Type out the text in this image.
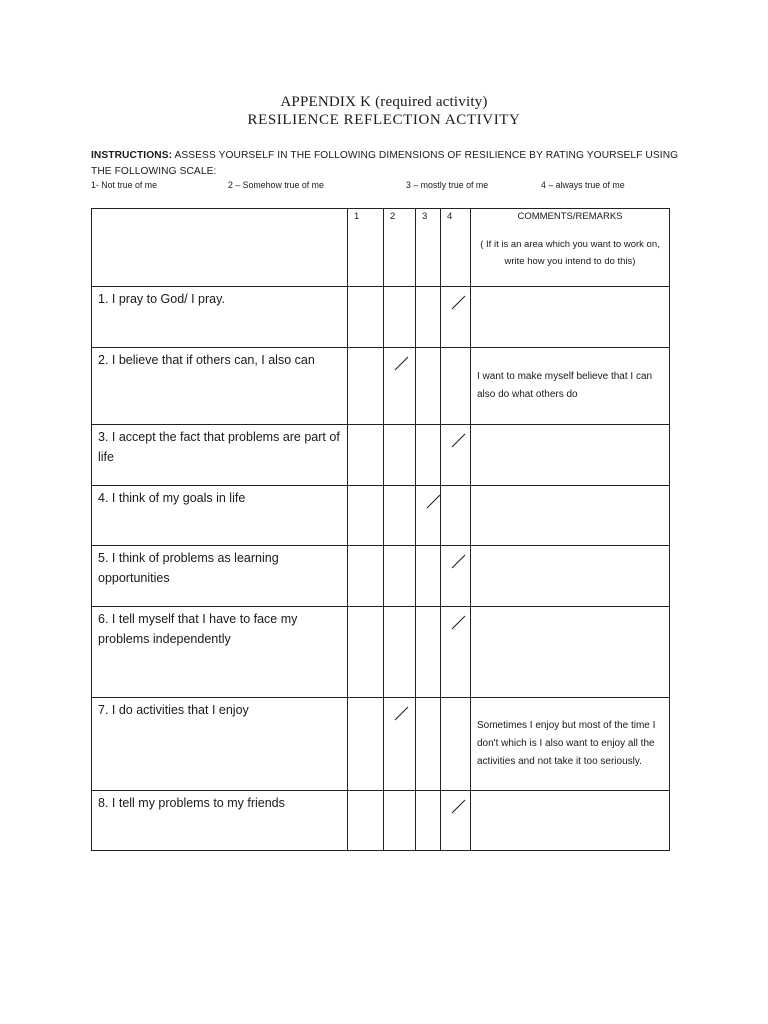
APPENDIX K (required activity)
RESILIENCE REFLECTION ACTIVITY
INSTRUCTIONS: ASSESS YOURSELF IN THE FOLLOWING DIMENSIONS OF RESILIENCE BY RATING YOURSELF USING THE FOLLOWING SCALE:
1- Not true of me	2 – Somehow true of me	3 – mostly true of me	4 – always true of me
	1	2	3	4	COMMENTS/REMARKS
( If it is an area which you want to work on, write how you intend to do this)

1. I pray to God/ I pray.				

2. I believe that if others can, I also can					I want to make myself believe that I can also do what others do
3. I accept the fact that problems are part of life				

4. I think of my goals in life			

5. I think of problems as learning opportunities				

6. I tell myself that I have to face my problems independently				

7. I do activities that I enjoy					Sometimes I enjoy but most of the time I don't which is I also want to enjoy all the activities and not take it too seriously.
8. I tell my problems to my friends				
